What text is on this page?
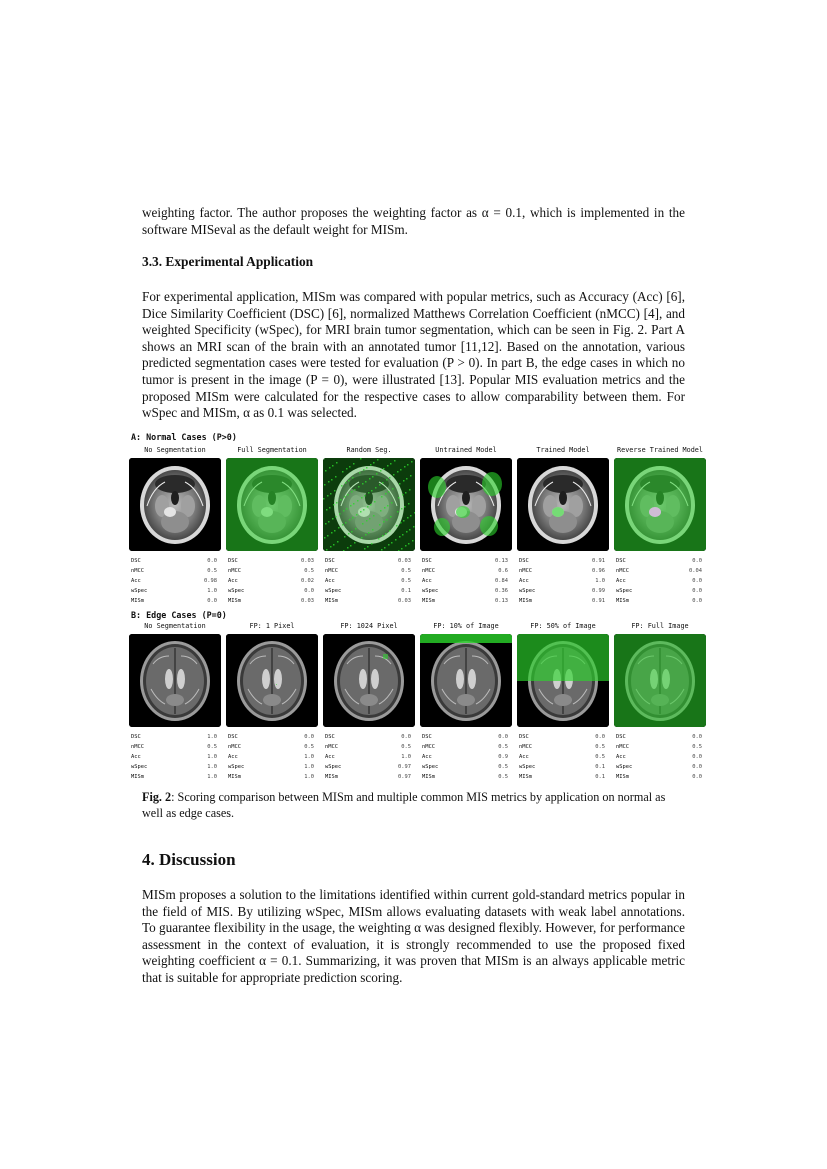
weighting factor. The author proposes the weighting factor as α = 0.1, which is implemented in the software MISeval as the default weight for MISm.

3.3. Experimental Application

For experimental application, MISm was compared with popular metrics, such as Accuracy (Acc) [6], Dice Similarity Coefficient (DSC) [6], normalized Matthews Correlation Coefficient (nMCC) [4], and weighted Specificity (wSpec), for MRI brain tumor segmentation, which can be seen in Fig. 2. Part A shows an MRI scan of the brain with an annotated tumor [11,12]. Based on the annotation, various predicted segmentation cases were tested for evaluation (P > 0). In part B, the edge cases in which no tumor is present in the image (P = 0), were illustrated [13]. Popular MIS evaluation metrics and the proposed MISm were calculated for the respective cases to allow comparability between them. For wSpec and MISm, α as 0.1 was selected.

A: Normal Cases (P>0)
No Segmentation
DSC	0.0
nMCC	0.5
Acc	0.98
wSpec	1.0
MISm	0.0
Full Segmentation
DSC	0.03
nMCC	0.5
Acc	0.02
wSpec	0.0
MISm	0.03
Random Seg.
DSC	0.03
nMCC	0.5
Acc	0.5
wSpec	0.1
MISm	0.03
Untrained Model
DSC	0.13
nMCC	0.6
Acc	0.84
wSpec	0.36
MISm	0.13
Trained Model
DSC	0.91
nMCC	0.96
Acc	1.0
wSpec	0.99
MISm	0.91
Reverse Trained Model
DSC	0.0
nMCC	0.04
Acc	0.0
wSpec	0.0
MISm	0.0
B: Edge Cases (P=0)
No Segmentation
DSC	1.0
nMCC	0.5
Acc	1.0
wSpec	1.0
MISm	1.0
FP: 1 Pixel
DSC	0.0
nMCC	0.5
Acc	1.0
wSpec	1.0
MISm	1.0
FP: 1024 Pixel
DSC	0.0
nMCC	0.5
Acc	1.0
wSpec	0.97
MISm	0.97
FP: 10% of Image
DSC	0.0
nMCC	0.5
Acc	0.9
wSpec	0.5
MISm	0.5
FP: 50% of Image
DSC	0.0
nMCC	0.5
Acc	0.5
wSpec	0.1
MISm	0.1
FP: Full Image
DSC	0.0
nMCC	0.5
Acc	0.0
wSpec	0.0
MISm	0.0

Fig. 2: Scoring comparison between MISm and multiple common MIS metrics by application on normal as well as edge cases.

4. Discussion

MISm proposes a solution to the limitations identified within current gold-standard metrics popular in the field of MIS. By utilizing wSpec, MISm allows evaluating datasets with weak label annotations. To guarantee flexibility in the usage, the weighting α was designed flexibly. However, for performance assessment in the context of evaluation, it is strongly recommended to use the proposed fixed weighting coefficient α = 0.1. Summarizing, it was proven that MISm is an always applicable metric that is suitable for appropriate prediction scoring.
